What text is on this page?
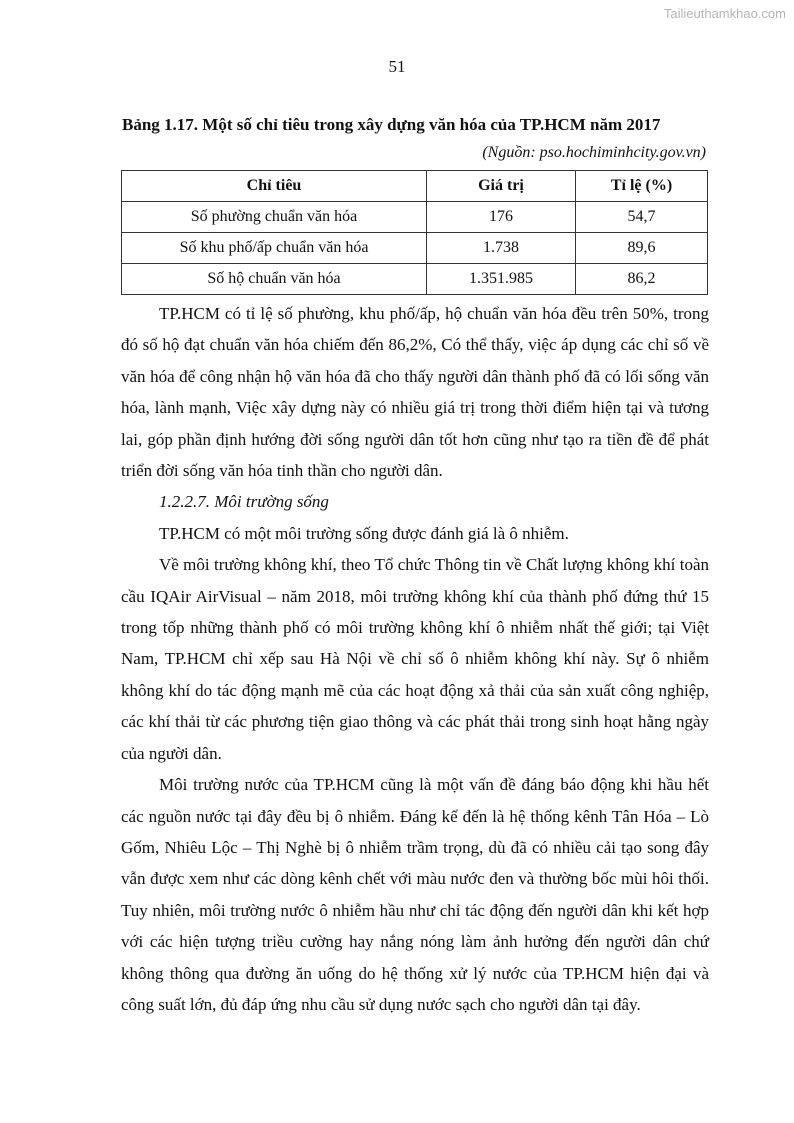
Tailieuthamkhao.com
51
Bảng 1.17. Một số chỉ tiêu trong xây dựng văn hóa của TP.HCM năm 2017
(Nguồn: pso.hochiminhcity.gov.vn)
Chỉ tiêu	Giá trị	Tỉ lệ (%)
Số phường chuẩn văn hóa	176	54,7
Số khu phố/ấp chuẩn văn hóa	1.738	89,6
Số hộ chuẩn văn hóa	1.351.985	86,2

TP.HCM có tỉ lệ số phường, khu phố/ấp, hộ chuẩn văn hóa đều trên 50%, trong đó số hộ đạt chuẩn văn hóa chiếm đến 86,2%, Có thể thấy, việc áp dụng các chỉ số về văn hóa để công nhận hộ văn hóa đã cho thấy người dân thành phố đã có lối sống văn hóa, lành mạnh, Việc xây dựng này có nhiều giá trị trong thời điểm hiện tại và tương lai, góp phần định hướng đời sống người dân tốt hơn cũng như tạo ra tiền đề để phát triển đời sống văn hóa tinh thần cho người dân.

1.2.2.7. Môi trường sống

TP.HCM có một môi trường sống được đánh giá là ô nhiễm.

Về môi trường không khí, theo Tổ chức Thông tin về Chất lượng không khí toàn cầu IQAir AirVisual – năm 2018, môi trường không khí của thành phố đứng thứ 15 trong tốp những thành phố có môi trường không khí ô nhiễm nhất thế giới; tại Việt Nam, TP.HCM chỉ xếp sau Hà Nội về chỉ số ô nhiễm không khí này. Sự ô nhiễm không khí do tác động mạnh mẽ của các hoạt động xả thải của sản xuất công nghiệp, các khí thải từ các phương tiện giao thông và các phát thải trong sinh hoạt hằng ngày của người dân.

Môi trường nước của TP.HCM cũng là một vấn đề đáng báo động khi hầu hết các nguồn nước tại đây đều bị ô nhiễm. Đáng kể đến là hệ thống kênh Tân Hóa – Lò Gốm, Nhiêu Lộc – Thị Nghè bị ô nhiễm trầm trọng, dù đã có nhiều cải tạo song đây vẫn được xem như các dòng kênh chết với màu nước đen và thường bốc mùi hôi thối. Tuy nhiên, môi trường nước ô nhiễm hầu như chỉ tác động đến người dân khi kết hợp với các hiện tượng triều cường hay nắng nóng làm ảnh hưởng đến người dân chứ không thông qua đường ăn uống do hệ thống xử lý nước của TP.HCM hiện đại và công suất lớn, đủ đáp ứng nhu cầu sử dụng nước sạch cho người dân tại đây.
